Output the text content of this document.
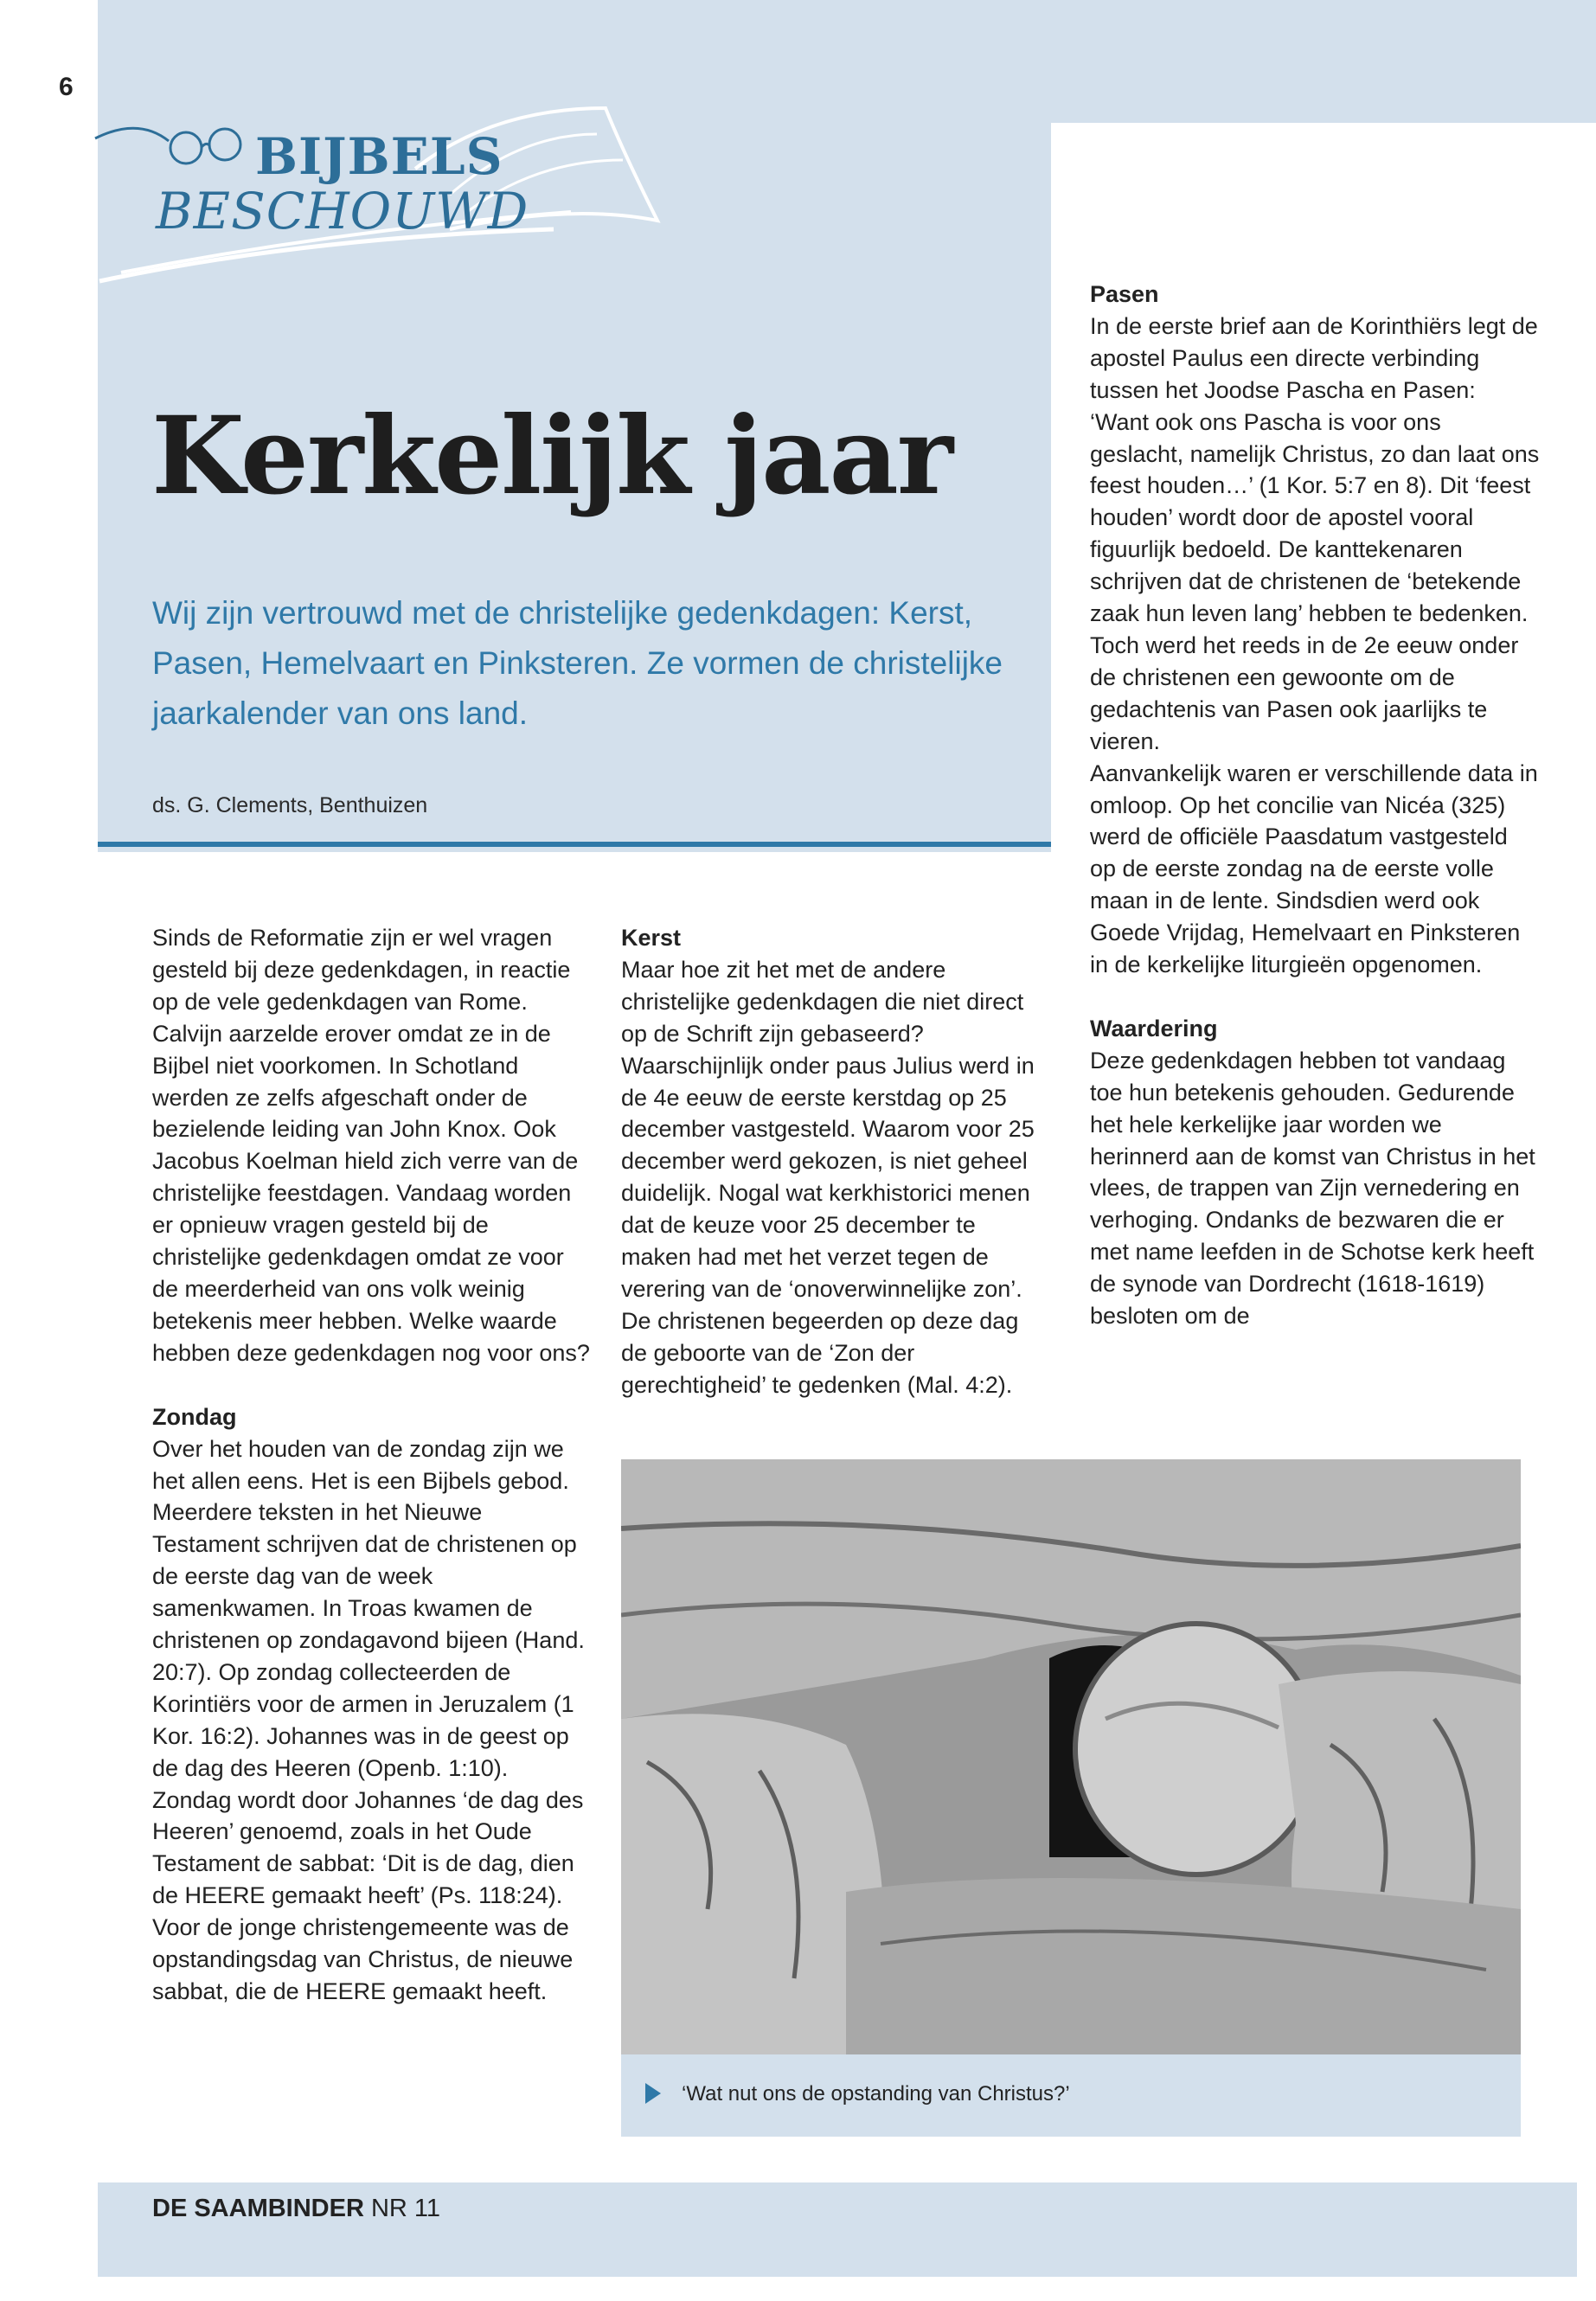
6
BIJBELS
BESCHOUWD
Kerkelijk jaar

Wij zijn vertrouwd met de christelijke gedenkdagen: Kerst, Pasen, Hemelvaart en Pinksteren. Ze vormen de christelijke jaarkalender van ons land.

ds. G. Clements, Benthuizen

Sinds de Reformatie zijn er wel vragen gesteld bij deze gedenkdagen, in reactie op de vele gedenkdagen van Rome. Calvijn aarzelde erover omdat ze in de Bijbel niet voorkomen. In Schotland werden ze zelfs afgeschaft onder de bezielende leiding van John Knox. Ook Jacobus Koelman hield zich verre van de christelijke feestdagen. Vandaag worden er opnieuw vragen gesteld bij de christelijke gedenkdagen omdat ze voor de meerderheid van ons volk weinig betekenis meer hebben. Welke waarde hebben deze gedenkdagen nog voor ons?

Zondag

Over het houden van de zondag zijn we het allen eens. Het is een Bijbels gebod. Meerdere teksten in het Nieuwe Testament schrijven dat de christenen op de eerste dag van de week samenkwamen. In Troas kwamen de christenen op zondagavond bijeen (Hand. 20:7). Op zondag collecteerden de Korintiërs voor de armen in Jeruzalem (1 Kor. 16:2). Johannes was in de geest op de dag des Heeren (Openb. 1:10). Zondag wordt door Johannes ‘de dag des Heeren’ genoemd, zoals in het Oude Testament de sabbat: ‘Dit is de dag, dien de HEERE gemaakt heeft’ (Ps. 118:24). Voor de jonge christengemeente was de opstandingsdag van Christus, de nieuwe sabbat, die de HEERE gemaakt heeft.

Kerst

Maar hoe zit het met de andere christelijke gedenkdagen die niet direct op de Schrift zijn gebaseerd? Waarschijnlijk onder paus Julius werd in de 4e eeuw de eerste kerstdag op 25 december vastgesteld. Waarom voor 25 december werd gekozen, is niet geheel duidelijk. Nogal wat kerkhistorici menen dat de keuze voor 25 december te maken had met het verzet tegen de verering van de ‘onoverwinnelijke zon’. De christenen begeerden op deze dag de geboorte van de ‘Zon der gerechtigheid’ te gedenken (Mal. 4:2).

Pasen

In de eerste brief aan de Korinthiërs legt de apostel Paulus een directe verbinding tussen het Joodse Pascha en Pasen: ‘Want ook ons Pascha is voor ons geslacht, namelijk Christus, zo dan laat ons feest houden…’ (1 Kor. 5:7 en 8). Dit ‘feest houden’ wordt door de apostel vooral figuurlijk bedoeld. De kanttekenaren schrijven dat de christenen de ‘betekende zaak hun leven lang’ hebben te bedenken. Toch werd het reeds in de 2e eeuw onder de christenen een gewoonte om de gedachtenis van Pasen ook jaarlijks te vieren.

Aanvankelijk waren er verschillende data in omloop. Op het concilie van Nicéa (325) werd de officiële Paasdatum vastgesteld op de eerste zondag na de eerste volle maan in de lente. Sindsdien werd ook Goede Vrijdag, Hemelvaart en Pinksteren in de kerkelijke liturgieën opgenomen.

Waardering

Deze gedenkdagen hebben tot vandaag toe hun betekenis gehouden. Gedurende het hele kerkelijke jaar worden we herinnerd aan de komst van Christus in het vlees, de trappen van Zijn vernedering en verhoging. Ondanks de bezwaren die er met name leefden in de Schotse kerk heeft de synode van Dordrecht (1618-1619) besloten om de

‘Wat nut ons de opstanding van Christus?’
DE SAAMBINDER NR 11
